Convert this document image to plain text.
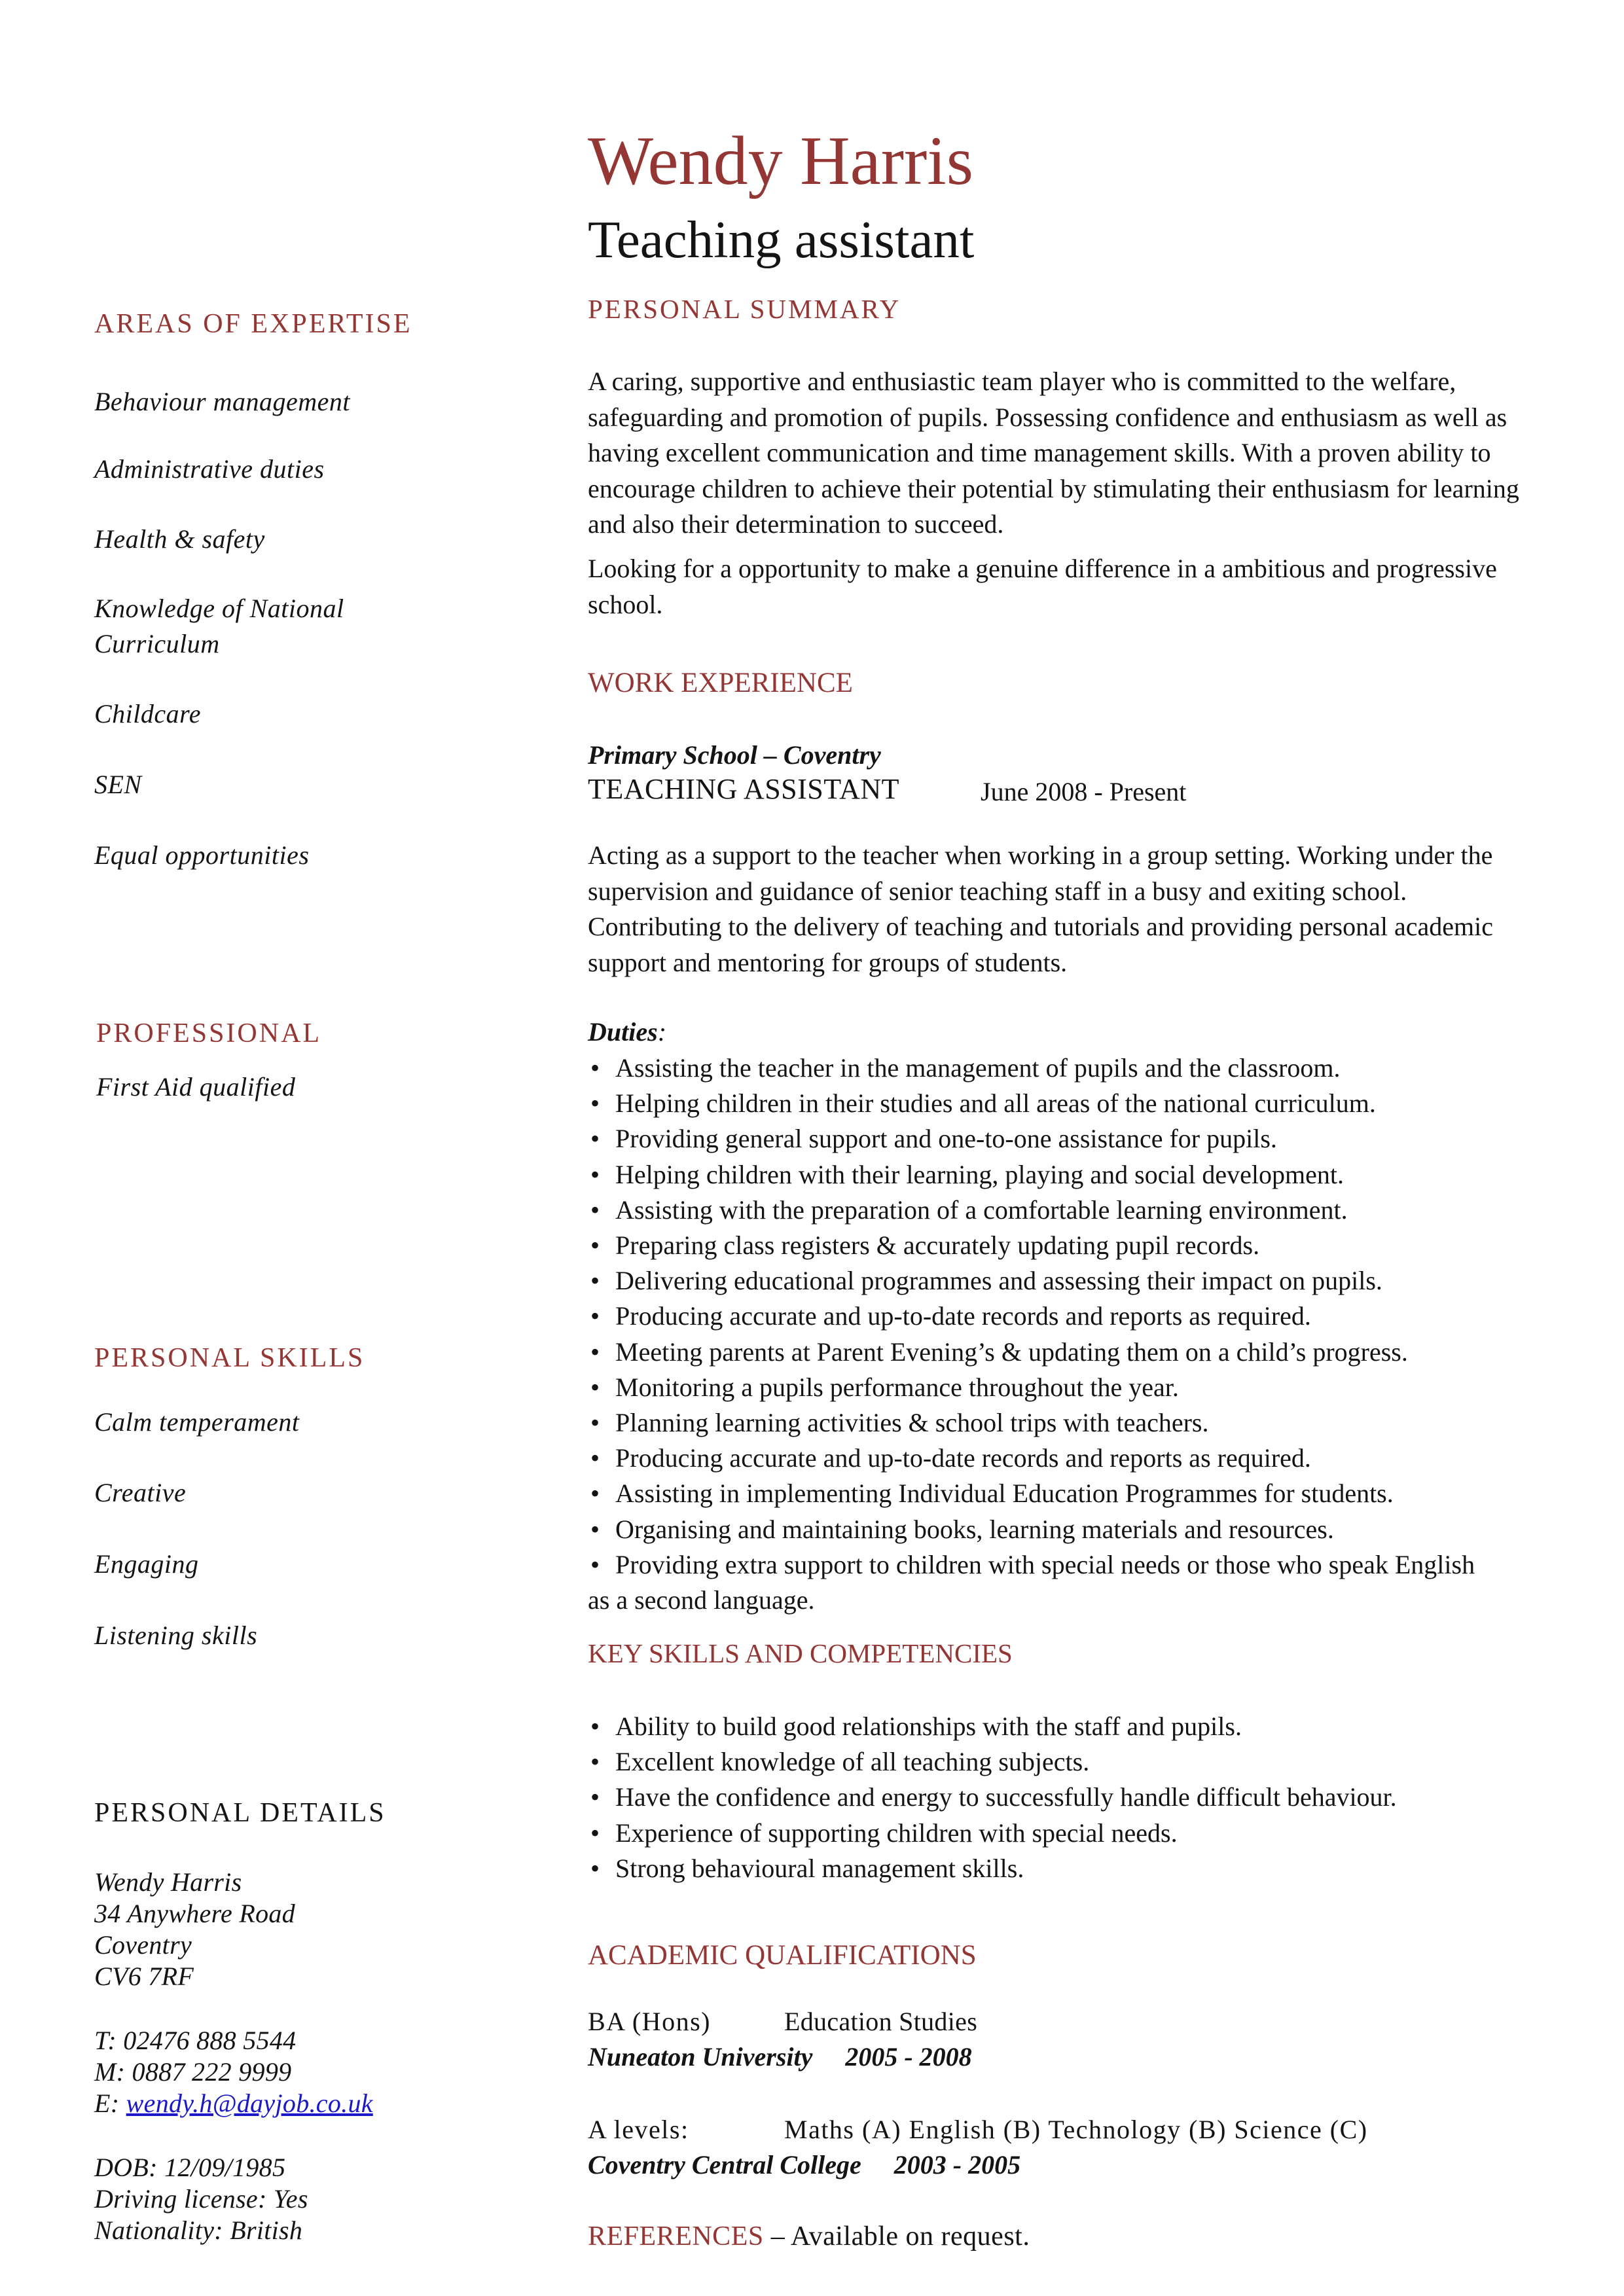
Wendy Harris
Teaching assistant
AREAS OF EXPERTISE
Behaviour management
Administrative duties
Health & safety
Knowledge of National Curriculum
Childcare
SEN
Equal opportunities
PROFESSIONAL
First Aid qualified
PERSONAL SKILLS
Calm temperament
Creative
Engaging
Listening skills
PERSONAL DETAILS
Wendy Harris
34 Anywhere Road
Coventry
CV6 7RF
T: 02476 888 5544
M: 0887 222 9999
E: wendy.h@dayjob.co.uk
DOB: 12/09/1985
Driving license: Yes
Nationality: British
PERSONAL SUMMARY

A caring, supportive and enthusiastic team player who is committed to the welfare, safeguarding and promotion of pupils. Possessing confidence and enthusiasm as well as having excellent communication and time management skills. With a proven ability to encourage children to achieve their potential by stimulating their enthusiasm for learning and also their determination to succeed.

Looking for a opportunity to make a genuine difference in a ambitious and progressive school.

WORK EXPERIENCE
Primary School – Coventry
TEACHING ASSISTANT	June 2008 - Present

Acting as a support to the teacher when working in a group setting. Working under the supervision and guidance of senior teaching staff in a busy and exiting school. Contributing to the delivery of teaching and tutorials and providing personal academic support and mentoring for groups of students.

Duties:
• Assisting the teacher in the management of pupils and the classroom.
• Helping children in their studies and all areas of the national curriculum.
• Providing general support and one-to-one assistance for pupils.
• Helping children with their learning, playing and social development.
• Assisting with the preparation of a comfortable learning environment.
• Preparing class registers & accurately updating pupil records.
• Delivering educational programmes and assessing their impact on pupils.
• Producing accurate and up-to-date records and reports as required.
• Meeting parents at Parent Evening’s & updating them on a child’s progress.
• Monitoring a pupils performance throughout the year.
• Planning learning activities & school trips with teachers.
• Producing accurate and up-to-date records and reports as required.
• Assisting in implementing Individual Education Programmes for students.
• Organising and maintaining books, learning materials and resources.
• Providing extra support to children with special needs or those who speak English as a second language.
KEY SKILLS AND COMPETENCIES
• Ability to build good relationships with the staff and pupils.
• Excellent knowledge of all teaching subjects.
• Have the confidence and energy to successfully handle difficult behaviour.
• Experience of supporting children with special needs.
• Strong behavioural management skills.
ACADEMIC QUALIFICATIONS
BA (Hons)	Education Studies
Nuneaton University     2005 - 2008
A levels:	Maths (A) English (B) Technology (B) Science (C)
Coventry Central College     2003 - 2005
REFERENCES – Available on request.
